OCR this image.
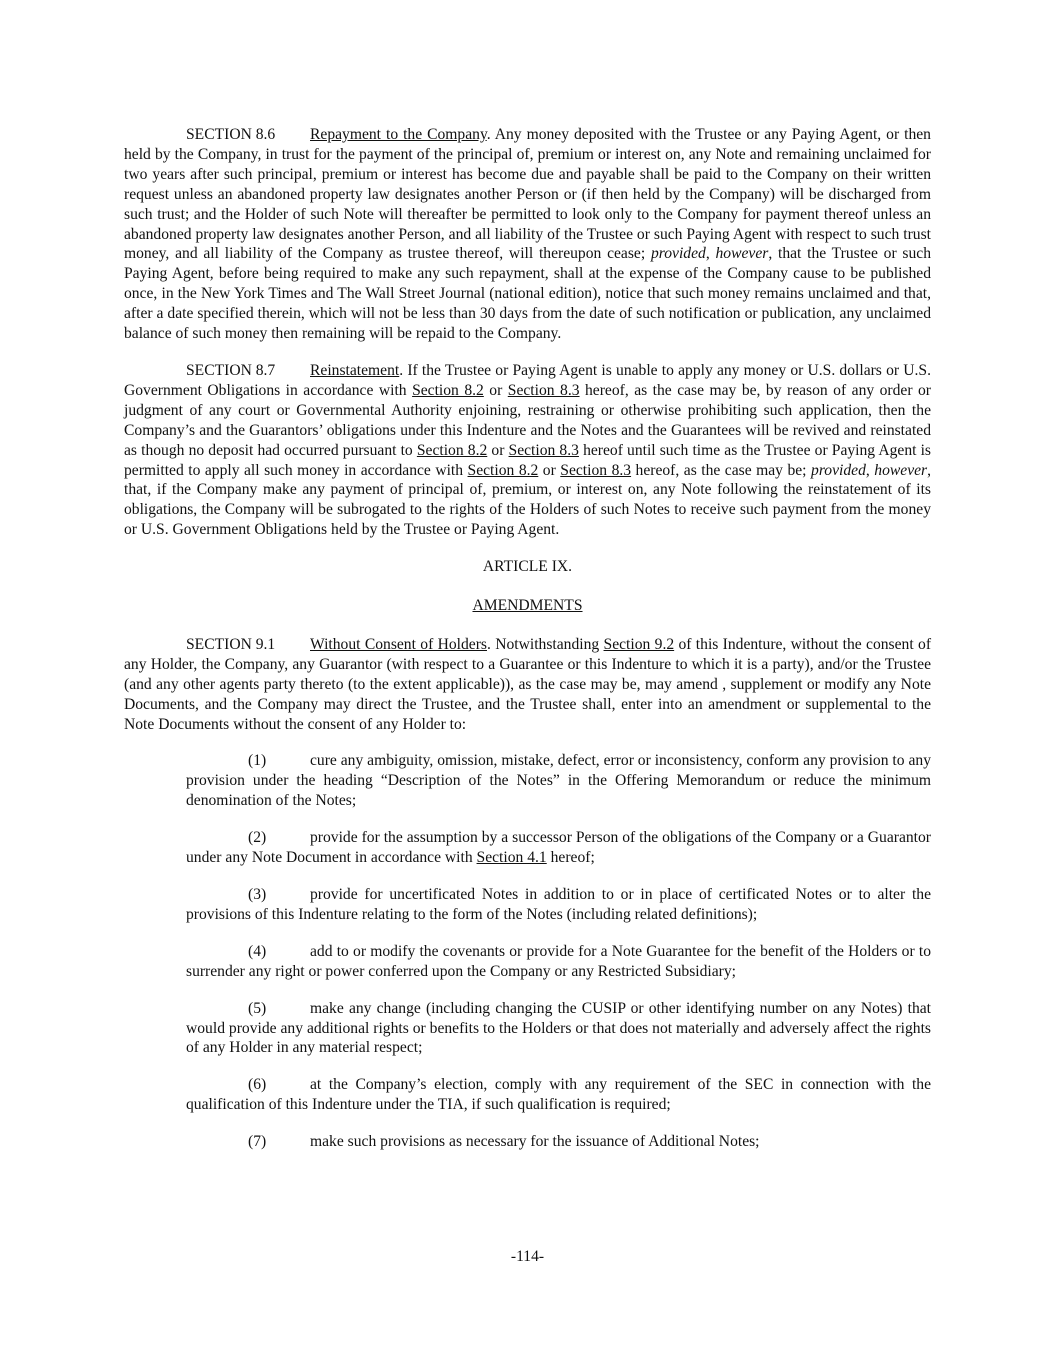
SECTION 8.6 Repayment to the Company. Any money deposited with the Trustee or any Paying Agent, or then held by the Company, in trust for the payment of the principal of, premium or interest on, any Note and remaining unclaimed for two years after such principal, premium or interest has become due and payable shall be paid to the Company on their written request unless an abandoned property law designates another Person or (if then held by the Company) will be discharged from such trust; and the Holder of such Note will thereafter be permitted to look only to the Company for payment thereof unless an abandoned property law designates another Person, and all liability of the Trustee or such Paying Agent with respect to such trust money, and all liability of the Company as trustee thereof, will thereupon cease; provided, however, that the Trustee or such Paying Agent, before being required to make any such repayment, shall at the expense of the Company cause to be published once, in the New York Times and The Wall Street Journal (national edition), notice that such money remains unclaimed and that, after a date specified therein, which will not be less than 30 days from the date of such notification or publication, any unclaimed balance of such money then remaining will be repaid to the Company.

SECTION 8.7 Reinstatement. If the Trustee or Paying Agent is unable to apply any money or U.S. dollars or U.S. Government Obligations in accordance with Section 8.2 or Section 8.3 hereof, as the case may be, by reason of any order or judgment of any court or Governmental Authority enjoining, restraining or otherwise prohibiting such application, then the Company’s and the Guarantors’ obligations under this Indenture and the Notes and the Guarantees will be revived and reinstated as though no deposit had occurred pursuant to Section 8.2 or Section 8.3 hereof until such time as the Trustee or Paying Agent is permitted to apply all such money in accordance with Section 8.2 or Section 8.3 hereof, as the case may be; provided, however, that, if the Company make any payment of principal of, premium, or interest on, any Note following the reinstatement of its obligations, the Company will be subrogated to the rights of the Holders of such Notes to receive such payment from the money or U.S. Government Obligations held by the Trustee or Paying Agent.

ARTICLE IX.

AMENDMENTS

SECTION 9.1 Without Consent of Holders. Notwithstanding Section 9.2 of this Indenture, without the consent of any Holder, the Company, any Guarantor (with respect to a Guarantee or this Indenture to which it is a party), and/or the Trustee (and any other agents party thereto (to the extent applicable)), as the case may be, may amend , supplement or modify any Note Documents, and the Company may direct the Trustee, and the Trustee shall, enter into an amendment or supplemental to the Note Documents without the consent of any Holder to:

(1)	cure any ambiguity, omission, mistake, defect, error or inconsistency, conform any provision to any provision under the heading “Description of the Notes” in the Offering Memorandum or reduce the minimum denomination of the Notes;

(2)	provide for the assumption by a successor Person of the obligations of the Company or a Guarantor under any Note Document in accordance with Section 4.1 hereof;

(3)	provide for uncertificated Notes in addition to or in place of certificated Notes or to alter the provisions of this Indenture relating to the form of the Notes (including related definitions);

(4)	add to or modify the covenants or provide for a Note Guarantee for the benefit of the Holders or to surrender any right or power conferred upon the Company or any Restricted Subsidiary;

(5)	make any change (including changing the CUSIP or other identifying number on any Notes) that would provide any additional rights or benefits to the Holders or that does not materially and adversely affect the rights of any Holder in any material respect;

(6)	at the Company’s election, comply with any requirement of the SEC in connection with the qualification of this Indenture under the TIA, if such qualification is required;

(7)	make such provisions as necessary for the issuance of Additional Notes;

-114-
